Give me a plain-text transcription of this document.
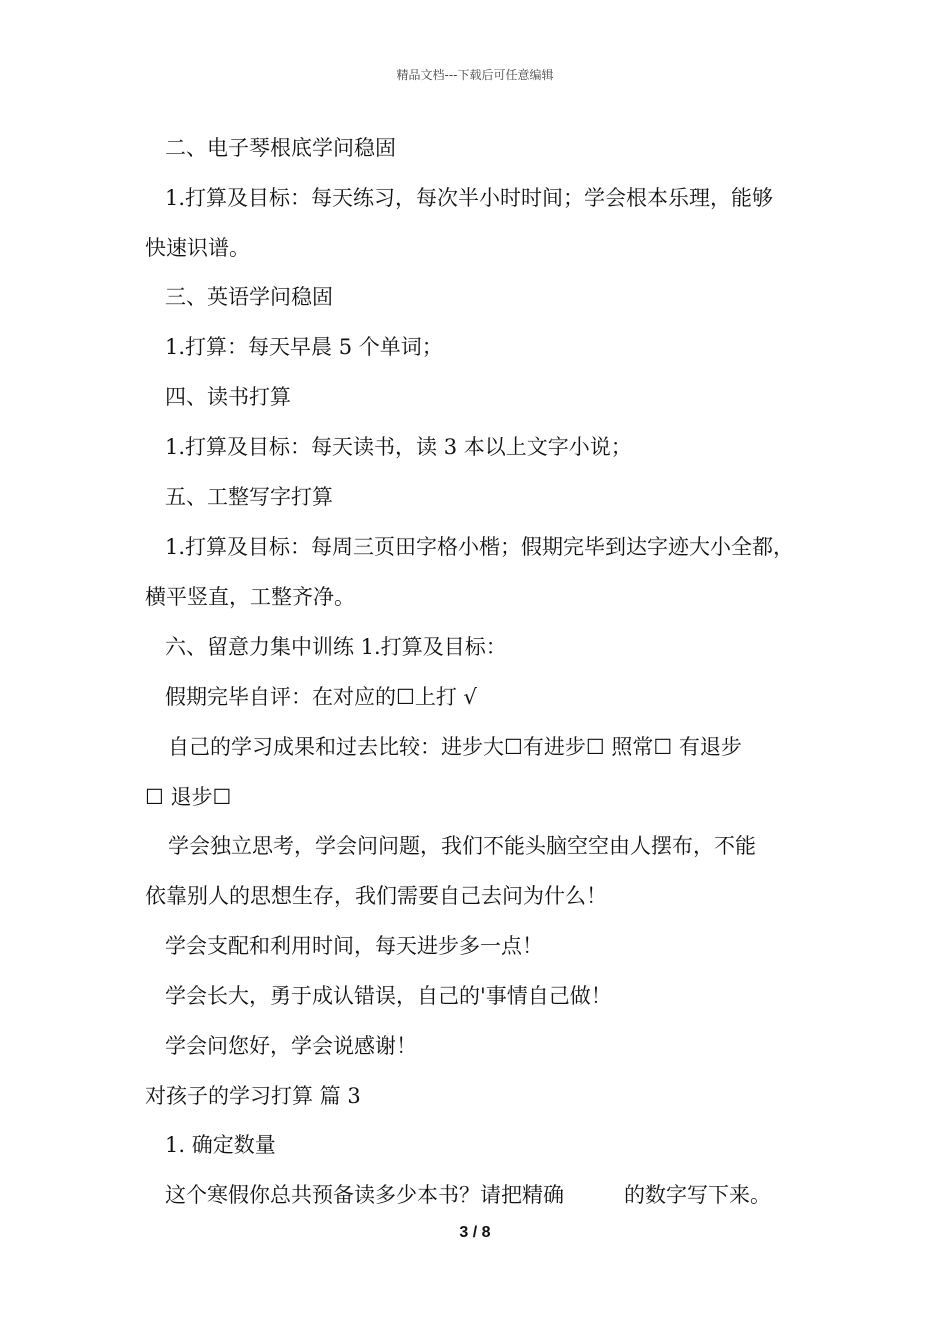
精品文档---下载后可任意编辑
二、电子琴根底学问稳固
1.打算及目标：每天练习，每次半小时时间；学会根本乐理，能够
快速识谱。
三、英语学问稳固
1.打算：每天早晨 5 个单词；
四、读书打算
1.打算及目标：每天读书，读 3 本以上文字小说；
五、工整写字打算
1.打算及目标：每周三页田字格小楷；假期完毕到达字迹大小全都，
横平竖直，工整齐净。
六、留意力集中训练 1.打算及目标：
假期完毕自评：在对应的☐上打 √
自己的学习成果和过去比较：进步大☐有进步☐ 照常☐ 有退步
☐ 退步☐
学会独立思考，学会问问题，我们不能头脑空空由人摆布，不能
依靠别人的思想生存，我们需要自己去问为什么！
学会支配和利用时间，每天进步多一点！
学会长大，勇于成认错误，自己的'事情自己做！
学会问您好，学会说感谢！
对孩子的学习打算 篇 3
1. 确定数量
这个寒假你总共预备读多少本书？请把精确	的数字写下来。
3 / 8
